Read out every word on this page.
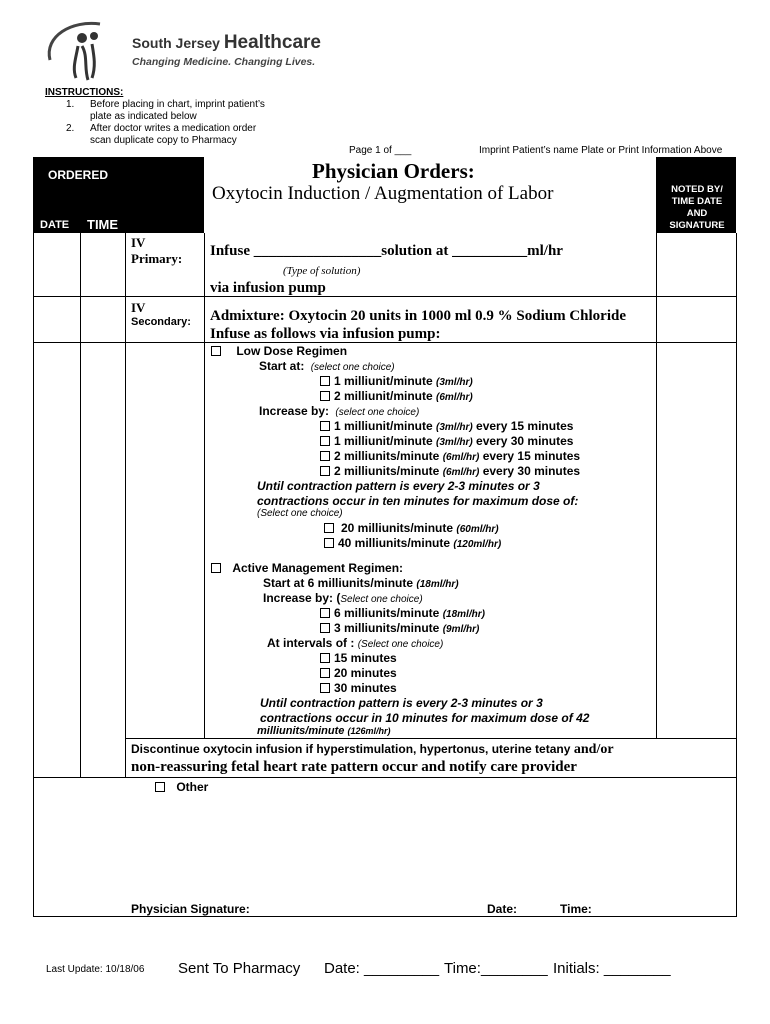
South Jersey Healthcare
Changing Medicine. Changing Lives.
INSTRUCTIONS:
1. Before placing in chart, imprint patient’s
plate as indicated below
2. After doctor writes a medication order
scan duplicate copy to Pharmacy
Page 1 of ___	Imprint Patient’s name Plate or Print Information Above
ORDERED
DATE TIME
Physician Orders:
Oxytocin Induction / Augmentation of Labor	NOTED BY/
TIME DATE
AND
SIGNATURE
IV
Primary: Infuse _________________solution at __________ml/hr
(Type of solution)
via infusion pump
IV
Secondary: Admixture: Oxytocin 20 units in 1000 ml 0.9 % Sodium Chloride
Infuse as follows via infusion pump:
Low Dose Regimen
Start at: (select one choice)
1 milliunit/minute (3ml/hr)
2 milliunit/minute (6ml/hr)
Increase by: (select one choice)
1 milliunit/minute (3ml/hr) every 15 minutes
1 milliunit/minute (3ml/hr) every 30 minutes
2 milliunits/minute (6ml/hr) every 15 minutes
2 milliunits/minute (6ml/hr) every 30 minutes
Until contraction pattern is every 2-3 minutes or 3
contractions occur in ten minutes for maximum dose of:
(Select one choice)
20 milliunits/minute (60ml/hr)
40 milliunits/minute (120ml/hr)
Active Management Regimen:
Start at 6 milliunits/minute (18ml/hr)
Increase by: (Select one choice)
6 milliunits/minute (18ml/hr)
3 milliunits/minute (9ml/hr)
At intervals of : (Select one choice)
15 minutes
20 minutes
30 minutes
Until contraction pattern is every 2-3 minutes or 3
contractions occur in 10 minutes for maximum dose of 42
milliunits/minute (126ml/hr)
Discontinue oxytocin infusion if hyperstimulation, hypertonus, uterine tetany and/or
non-reassuring fetal heart rate pattern occur and notify care provider
Other
Physician Signature:	Date:	Time:
Last Update: 10/18/06 Sent To Pharmacy Date: _________ Time:________ Initials: ________
